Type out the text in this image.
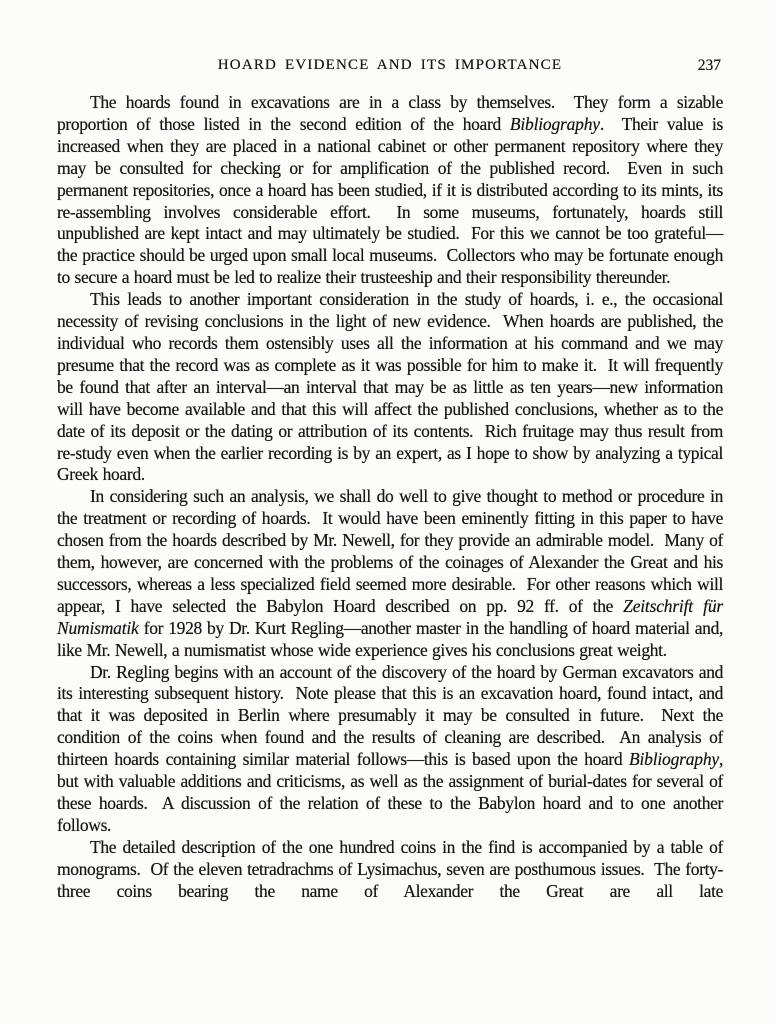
HOARD EVIDENCE AND ITS IMPORTANCE	237

The hoards found in excavations are in a class by themselves.  They form a sizable proportion of those listed in the second edition of the hoard Bibliography.  Their value is increased when they are placed in a national cabinet or other permanent repository where they may be consulted for checking or for amplification of the published record.  Even in such permanent repositories, once a hoard has been studied, if it is distributed according to its mints, its re-assembling involves considerable effort.  In some museums, fortunately, hoards still unpublished are kept intact and may ultimately be studied.  For this we cannot be too grateful—the practice should be urged upon small local museums.  Collectors who may be fortunate enough to secure a hoard must be led to realize their trusteeship and their responsibility thereunder.

This leads to another important consideration in the study of hoards, i. e., the occasional necessity of revising conclusions in the light of new evidence.  When hoards are published, the individual who records them ostensibly uses all the information at his command and we may presume that the record was as complete as it was possible for him to make it.  It will frequently be found that after an interval—an interval that may be as little as ten years—new information will have become available and that this will affect the published conclusions, whether as to the date of its deposit or the dating or attribution of its contents.  Rich fruitage may thus result from re-study even when the earlier recording is by an expert, as I hope to show by analyzing a typical Greek hoard.

In considering such an analysis, we shall do well to give thought to method or procedure in the treatment or recording of hoards.  It would have been eminently fitting in this paper to have chosen from the hoards described by Mr. Newell, for they provide an admirable model.  Many of them, however, are concerned with the problems of the coinages of Alexander the Great and his successors, whereas a less specialized field seemed more desirable.  For other reasons which will appear, I have selected the Babylon Hoard described on pp. 92 ff. of the Zeitschrift für Numismatik for 1928 by Dr. Kurt Regling—another master in the handling of hoard material and, like Mr. Newell, a numismatist whose wide experience gives his conclusions great weight.

Dr. Regling begins with an account of the discovery of the hoard by German excavators and its interesting subsequent history.  Note please that this is an excavation hoard, found intact, and that it was deposited in Berlin where presumably it may be consulted in future.  Next the condition of the coins when found and the results of cleaning are described.  An analysis of thirteen hoards containing similar material follows—this is based upon the hoard Bibliography, but with valuable additions and criticisms, as well as the assignment of burial-dates for several of these hoards.  A discussion of the relation of these to the Babylon hoard and to one another follows.

The detailed description of the one hundred coins in the find is accompanied by a table of monograms.  Of the eleven tetradrachms of Lysimachus, seven are posthumous issues.  The forty-three coins bearing the name of Alexander the Great are all late
